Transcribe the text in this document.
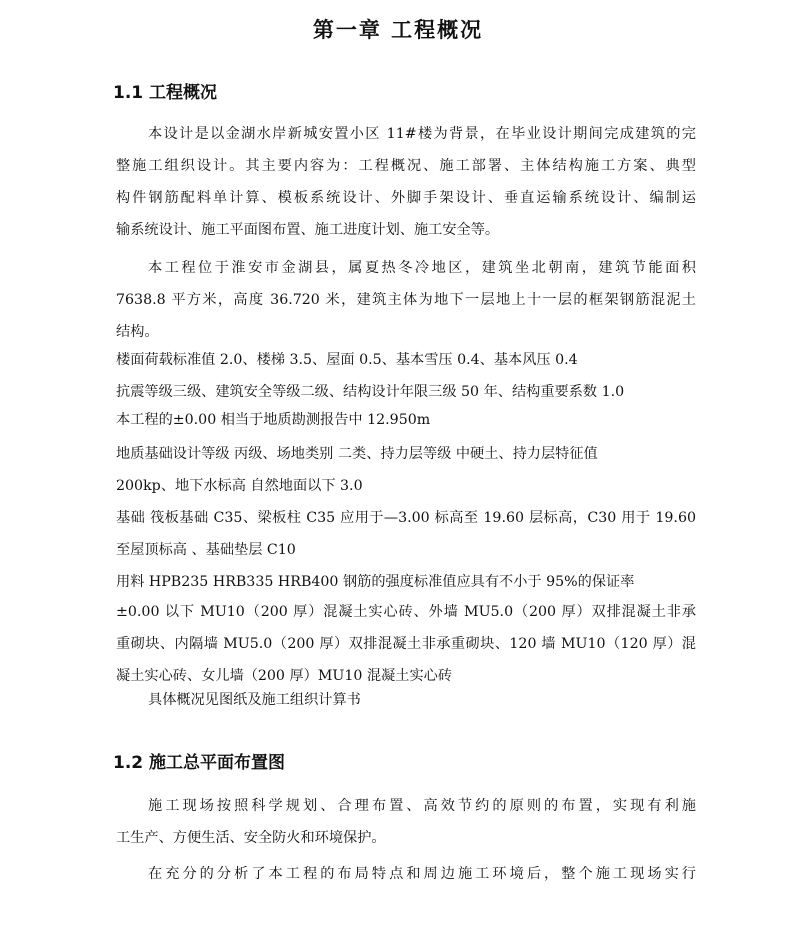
第一章 工程概况
1.1 工程概况
本设计是以金湖水岸新城安置小区 11#楼为背景，在毕业设计期间完成建筑的完
整施工组织设计。其主要内容为：工程概况、施工部署、主体结构施工方案、典型
构件钢筋配料单计算、模板系统设计、外脚手架设计、垂直运输系统设计、编制运
输系统设计、施工平面图布置、施工进度计划、施工安全等。
本工程位于淮安市金湖县，属夏热冬冷地区，建筑坐北朝南，建筑节能面积
7638.8 平方米，高度 36.720 米，建筑主体为地下一层地上十一层的框架钢筋混泥土
结构。
楼面荷载标准值 2.0、楼梯 3.5、屋面 0.5、基本雪压 0.4、基本风压 0.4
抗震等级三级、建筑安全等级二级、结构设计年限三级 50 年、结构重要系数 1.0
本工程的±0.00 相当于地质勘测报告中 12.950m
地质基础设计等级 丙级、场地类别 二类、持力层等级 中硬土、持力层特征值
200kp、地下水标高 自然地面以下 3.0
基础 筏板基础 C35、梁板柱 C35 应用于—3.00 标高至 19.60 层标高，C30 用于 19.60
至屋顶标高 、基础垫层 C10
用料 HPB235 HRB335 HRB400 钢筋的强度标准值应具有不小于 95%的保证率
±0.00 以下 MU10（200 厚）混凝土实心砖、外墙 MU5.0（200 厚）双排混凝土非承
重砌块、内隔墙 MU5.0（200 厚）双排混凝土非承重砌块、120 墙 MU10（120 厚）混
凝土实心砖、女儿墙（200 厚）MU10 混凝土实心砖
具体概况见图纸及施工组织计算书
1.2 施工总平面布置图
施工现场按照科学规划、合理布置、高效节约的原则的布置，实现有利施
工生产、方便生活、安全防火和环境保护。
在充分的分析了本工程的布局特点和周边施工环境后，整个施工现场实行
